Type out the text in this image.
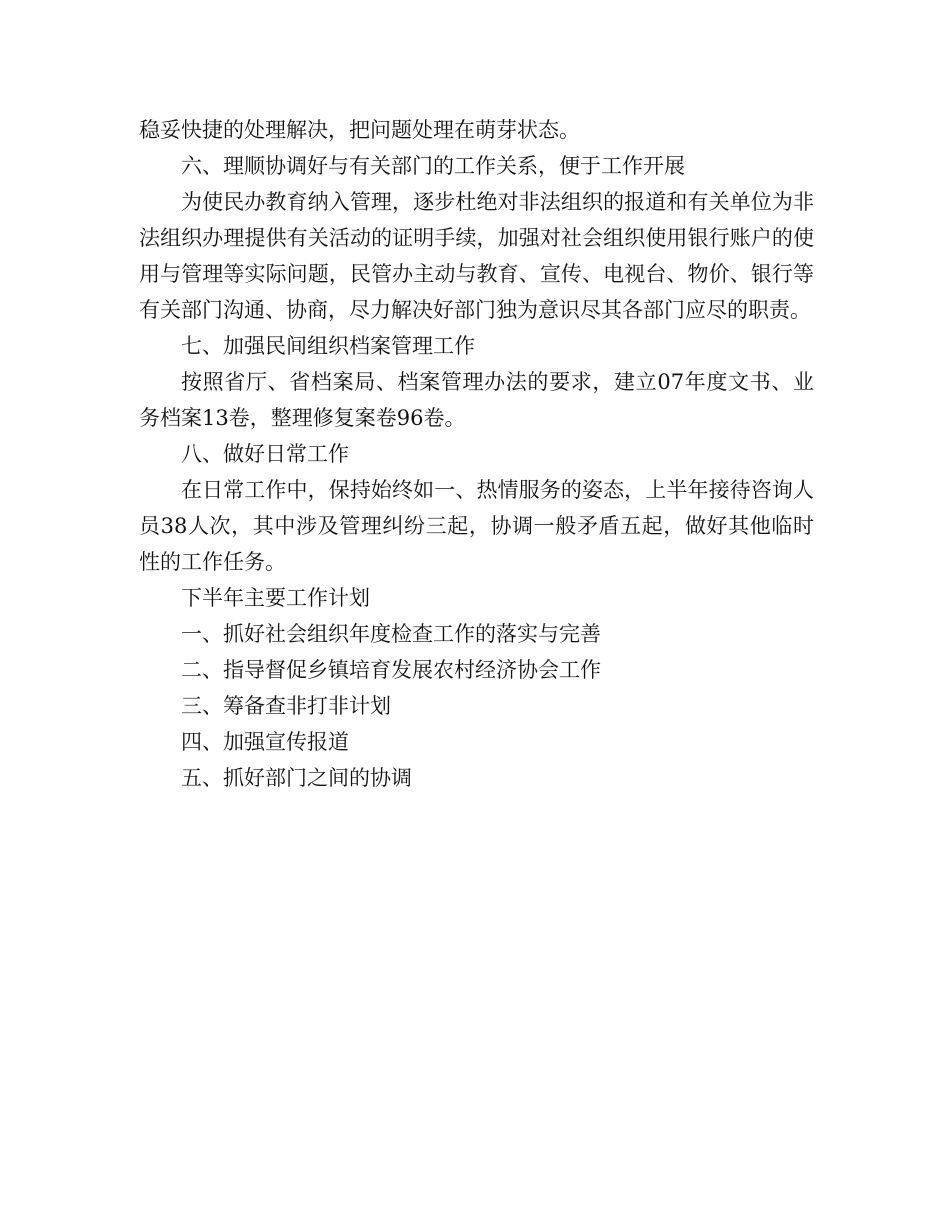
稳妥快捷的处理解决，把问题处理在萌芽状态。

六、理顺协调好与有关部门的工作关系，便于工作开展

为使民办教育纳入管理，逐步杜绝对非法组织的报道和有关单位为非法组织办理提供有关活动的证明手续，加强对社会组织使用银行账户的使用与管理等实际问题，民管办主动与教育、宣传、电视台、物价、银行等有关部门沟通、协商，尽力解决好部门独为意识尽其各部门应尽的职责。

七、加强民间组织档案管理工作

按照省厅、省档案局、档案管理办法的要求，建立07年度文书、业务档案13卷，整理修复案卷96卷。

八、做好日常工作

在日常工作中，保持始终如一、热情服务的姿态，上半年接待咨询人员38人次，其中涉及管理纠纷三起，协调一般矛盾五起，做好其他临时性的工作任务。

下半年主要工作计划

一、抓好社会组织年度检查工作的落实与完善

二、指导督促乡镇培育发展农村经济协会工作

三、筹备查非打非计划

四、加强宣传报道

五、抓好部门之间的协调
